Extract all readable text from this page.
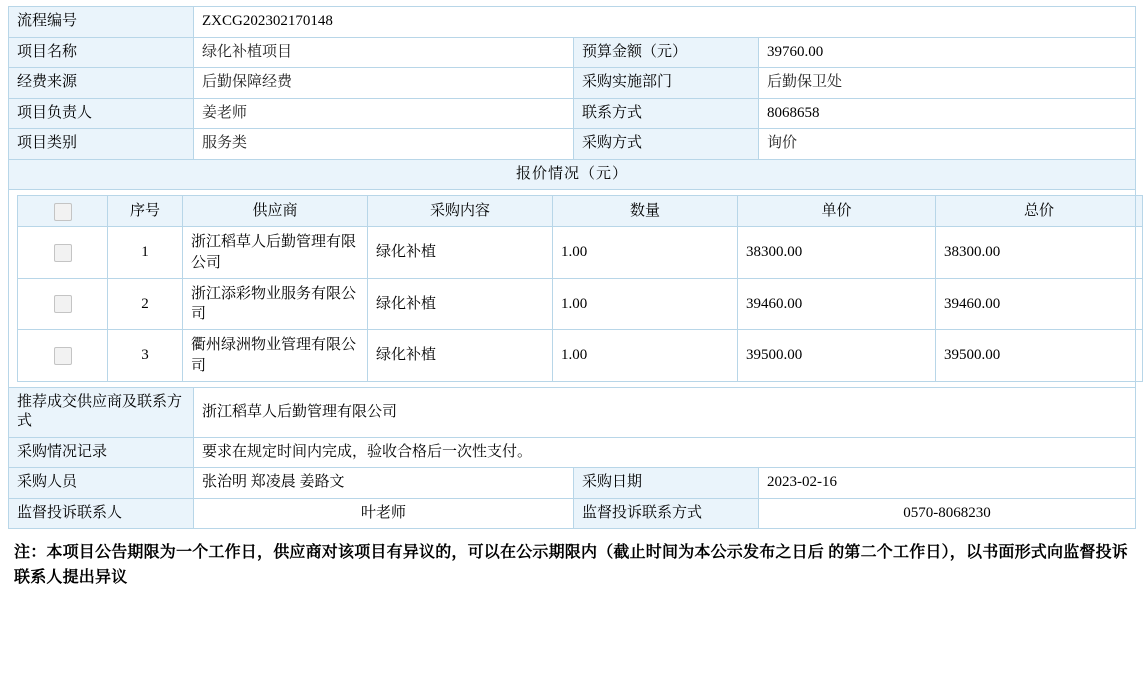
流程编号	ZXCG202302170148
项目名称	绿化补植项目	预算金额（元）	39760.00
经费来源	后勤保障经费	采购实施部门	后勤保卫处
项目负责人	姜老师	联系方式	8068658
项目类别	服务类	采购方式	询价
报价情况（元）

	序号	供应商	采购内容	数量	单价	总价
	1	浙江稻草人后勤管理有限公司	绿化补植	1.00	38300.00	38300.00
	2	浙江添彩物业服务有限公司	绿化补植	1.00	39460.00	39460.00
	3	衢州绿洲物业管理有限公司	绿化补植	1.00	39500.00	39500.00

推荐成交供应商及联系方式	浙江稻草人后勤管理有限公司
采购情况记录	要求在规定时间内完成，验收合格后一次性支付。
采购人员	张治明 郑凌晨 姜路文	采购日期	2023-02-16
监督投诉联系人	叶老师	监督投诉联系方式	0570-8068230
注：本项目公告期限为一个工作日，供应商对该项目有异议的，可以在公示期限内（截止时间为本公示发布之日后 的第二个工作日），以书面形式向监督投诉联系人提出异议
